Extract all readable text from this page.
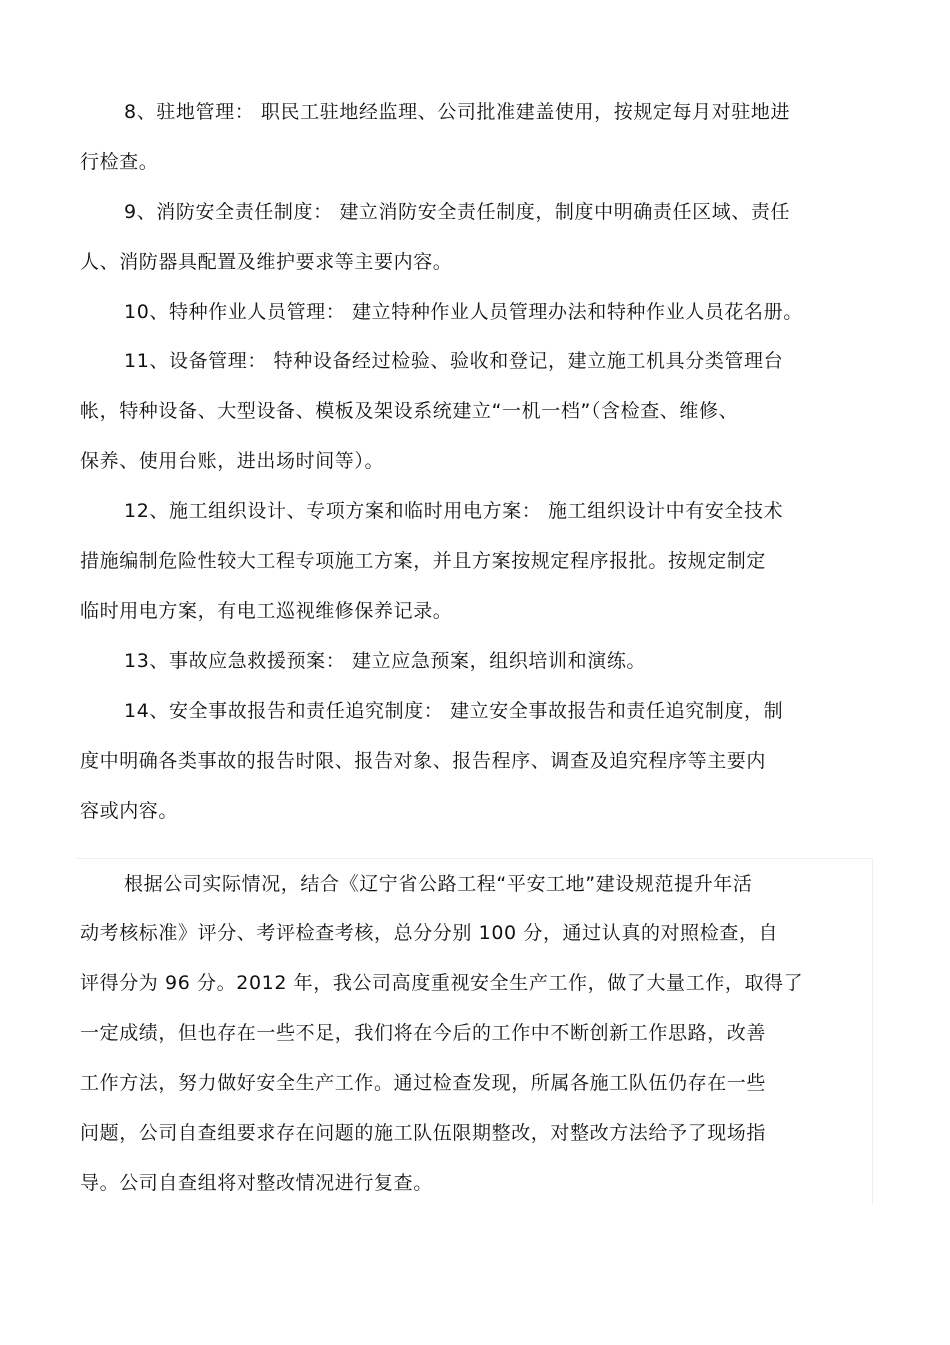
8、驻地管理： 职民工驻地经监理、公司批准建盖使用，按规定每月对驻地进
行检查。
9、消防安全责任制度： 建立消防安全责任制度，制度中明确责任区域、责任
人、消防器具配置及维护要求等主要内容。
10、特种作业人员管理： 建立特种作业人员管理办法和特种作业人员花名册。
11、设备管理： 特种设备经过检验、验收和登记，建立施工机具分类管理台
帐，特种设备、大型设备、模板及架设系统建立“一机一档”（含检查、维修、
保养、使用台账，进出场时间等）。
12、施工组织设计、专项方案和临时用电方案： 施工组织设计中有安全技术
措施编制危险性较大工程专项施工方案，并且方案按规定程序报批。按规定制定
临时用电方案，有电工巡视维修保养记录。
13、事故应急救援预案： 建立应急预案，组织培训和演练。
14、安全事故报告和责任追究制度： 建立安全事故报告和责任追究制度，制
度中明确各类事故的报告时限、报告对象、报告程序、调查及追究程序等主要内
容或内容。
根据公司实际情况，结合《辽宁省公路工程“平安工地”建设规范提升年活
动考核标准》评分、考评检查考核，总分分别 100 分，通过认真的对照检查，自
评得分为 96 分。2012 年，我公司高度重视安全生产工作，做了大量工作，取得了
一定成绩，但也存在一些不足，我们将在今后的工作中不断创新工作思路，改善
工作方法，努力做好安全生产工作。通过检查发现，所属各施工队伍仍存在一些
问题，公司自查组要求存在问题的施工队伍限期整改，对整改方法给予了现场指
导。公司自查组将对整改情况进行复查。
